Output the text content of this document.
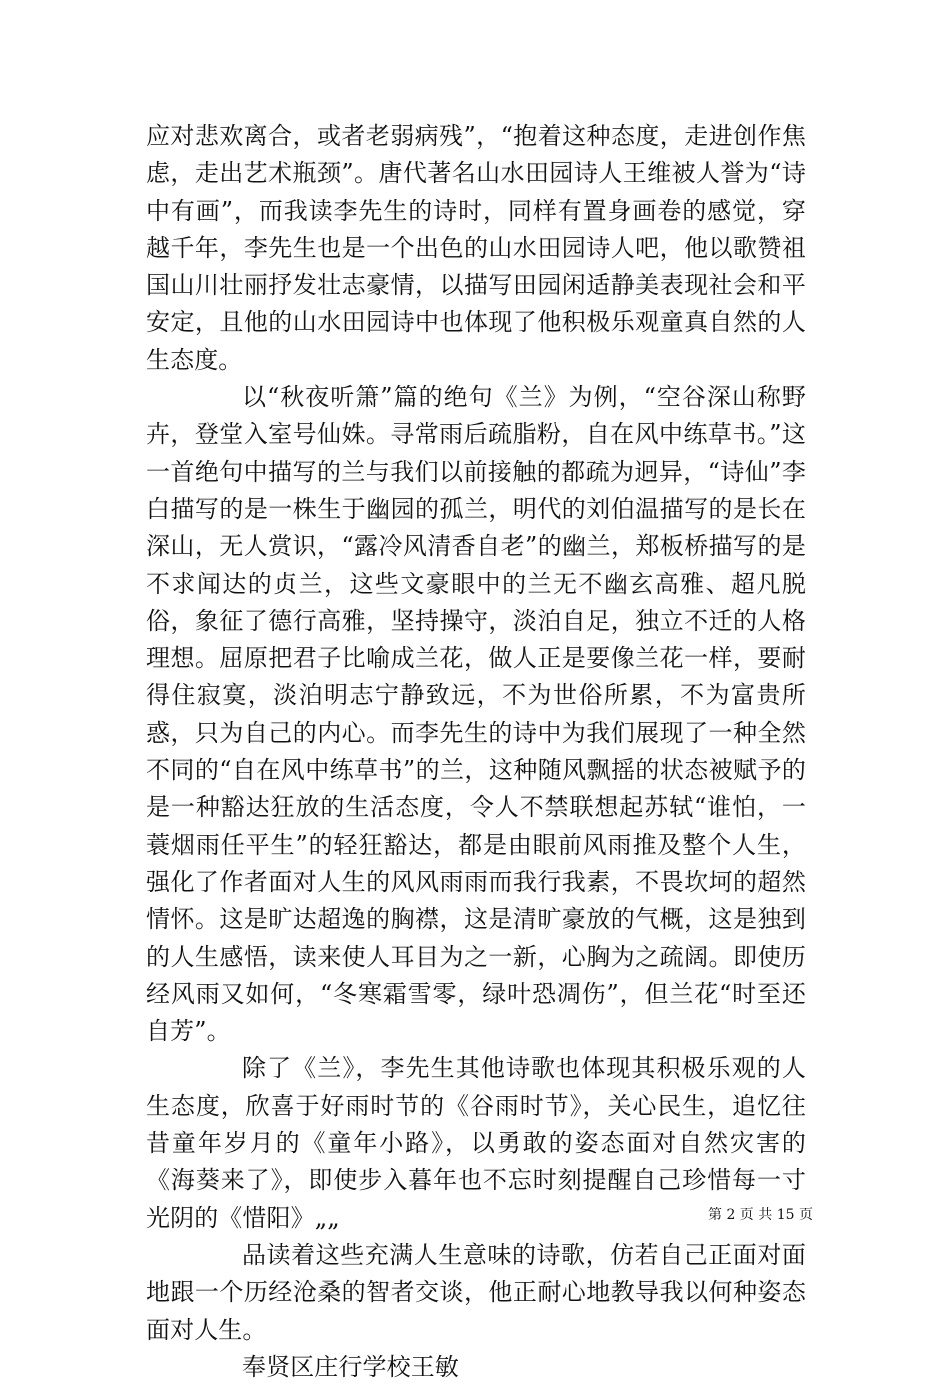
应对悲欢离合，或者老弱病残”，“抱着这种态度，走进创作焦虑，走出艺术瓶颈”。唐代著名山水田园诗人王维被人誉为“诗中有画”，而我读李先生的诗时，同样有置身画卷的感觉，穿越千年，李先生也是一个出色的山水田园诗人吧，他以歌赞祖国山川壮丽抒发壮志豪情，以描写田园闲适静美表现社会和平安定，且他的山水田园诗中也体现了他积极乐观童真自然的人生态度。

以“秋夜听箫”篇的绝句《兰》为例，“空谷深山称野卉，登堂入室号仙姝。寻常雨后疏脂粉，自在风中练草书。”这一首绝句中描写的兰与我们以前接触的都疏为迥异，“诗仙”李白描写的是一株生于幽园的孤兰，明代的刘伯温描写的是长在深山，无人赏识，“露冷风清香自老”的幽兰，郑板桥描写的是不求闻达的贞兰，这些文豪眼中的兰无不幽玄高雅、超凡脱俗，象征了德行高雅，坚持操守，淡泊自足，独立不迁的人格理想。屈原把君子比喻成兰花，做人正是要像兰花一样，要耐得住寂寞，淡泊明志宁静致远，不为世俗所累，不为富贵所惑，只为自己的内心。而李先生的诗中为我们展现了一种全然不同的“自在风中练草书”的兰，这种随风飘摇的状态被赋予的是一种豁达狂放的生活态度，令人不禁联想起苏轼“谁怕，一蓑烟雨任平生”的轻狂豁达，都是由眼前风雨推及整个人生，强化了作者面对人生的风风雨雨而我行我素，不畏坎坷的超然情怀。这是旷达超逸的胸襟，这是清旷豪放的气概，这是独到的人生感悟，读来使人耳目为之一新，心胸为之疏阔。即使历经风雨又如何，“冬寒霜雪零，绿叶恐凋伤”，但兰花“时至还自芳”。

除了《兰》，李先生其他诗歌也体现其积极乐观的人生态度，欣喜于好雨时节的《谷雨时节》，关心民生，追忆往昔童年岁月的《童年小路》，以勇敢的姿态面对自然灾害的《海葵来了》，即使步入暮年也不忘时刻提醒自己珍惜每一寸光阴的《惜阳》„„

品读着这些充满人生意味的诗歌，仿若自己正面对面地跟一个历经沧桑的智者交谈，他正耐心地教导我以何种姿态面对人生。

奉贤区庄行学校王敏

第 2 页 共 15 页
